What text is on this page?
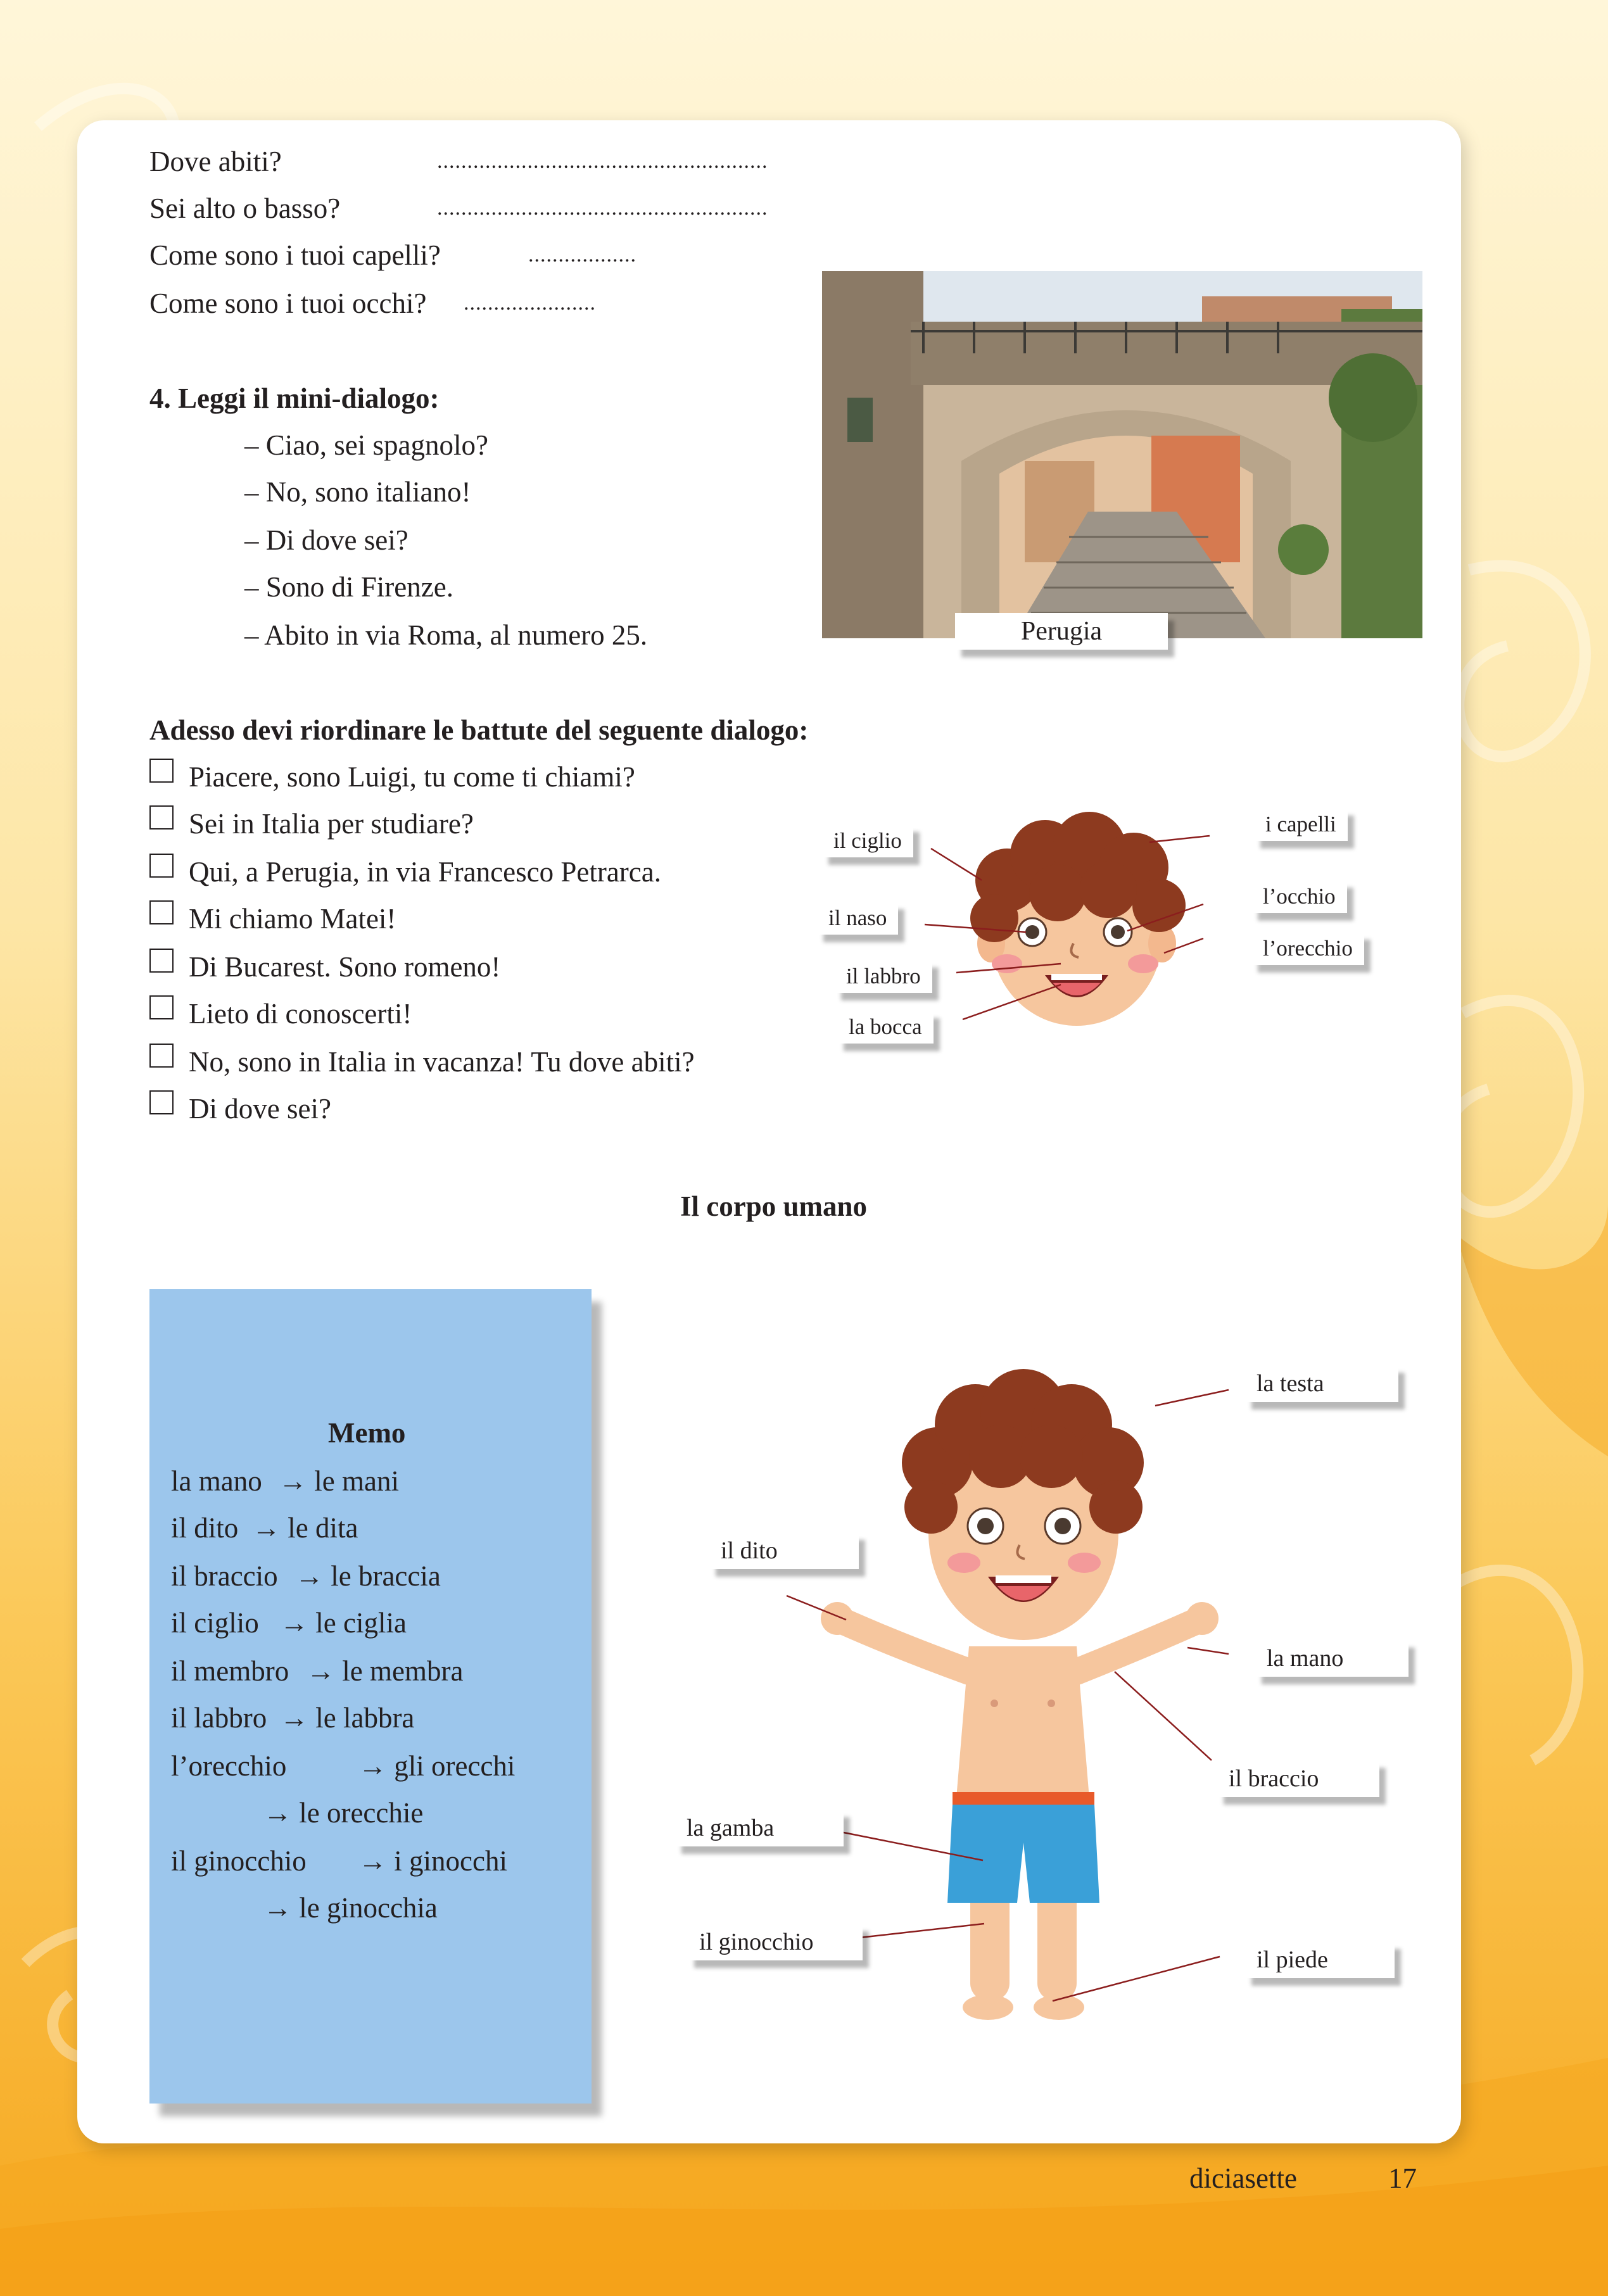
Dove abiti?	.......................................................
Sei alto o basso?	.......................................................
Come sono i tuoi capelli?	..................
Come sono i tuoi occhi? ......................
4. Leggi il mini-dialogo:
– Ciao, sei spagnolo?
– No, sono italiano!
– Di dove sei?
– Sono di Firenze.
– Abito in via Roma, al numero 25.	Perugia
Adesso devi riordinare le battute del seguente dialogo:
Piacere, sono Luigi, tu come ti chiami?
Sei in Italia per studiare?
Qui, a Perugia, in via Francesco Petrarca.
Mi chiamo Matei!
Di Bucarest. Sono romeno!
Lieto di conoscerti!
No, sono in Italia in vacanza! Tu dove abiti?
Di dove sei?
il ciglio
il naso
il labbro
la bocca
i capelli
l’occhio
l’orecchio
Il corpo umano
Memo
la mano → le mani
il dito → le dita
il braccio → le braccia
il ciglio → le ciglia
il membro → le membra
il labbro → le labbra
l’orecchio	→ gli orecchi
→ le orecchie
il ginocchio → i ginocchi
→ le ginocchia
la testa
il dito
la mano
il braccio
la gamba
il ginocchio
il piede
diciasette	17
